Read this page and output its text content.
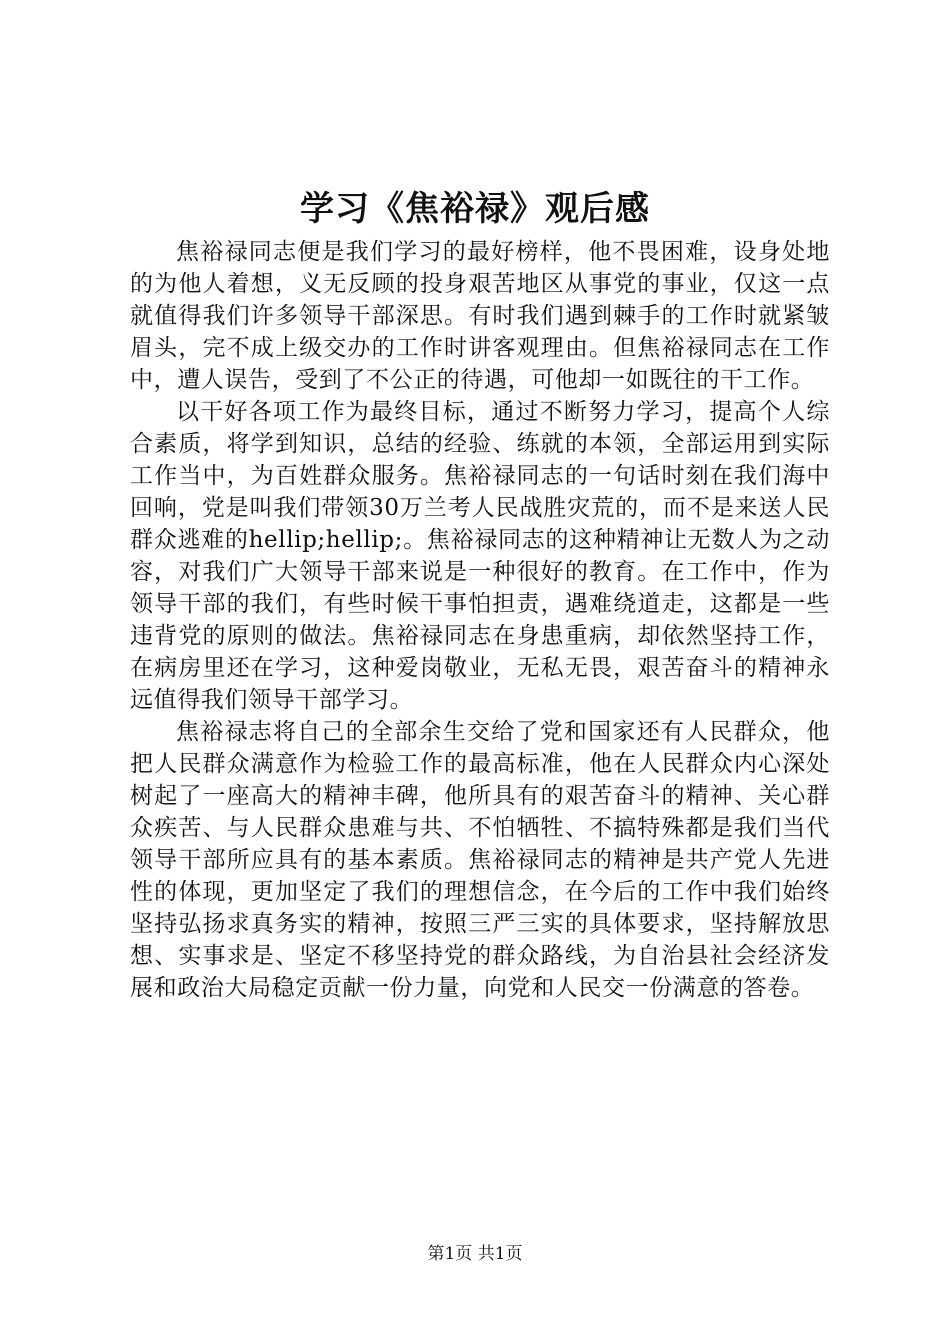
学习《焦裕禄》观后感

焦裕禄同志便是我们学习的最好榜样，他不畏困难，设身处地的为他人着想，义无反顾的投身艰苦地区从事党的事业，仅这一点就值得我们许多领导干部深思。有时我们遇到棘手的工作时就紧皱眉头，完不成上级交办的工作时讲客观理由。但焦裕禄同志在工作中，遭人误告，受到了不公正的待遇，可他却一如既往的干工作。

以干好各项工作为最终目标，通过不断努力学习，提高个人综合素质，将学到知识，总结的经验、练就的本领，全部运用到实际工作当中，为百姓群众服务。焦裕禄同志的一句话时刻在我们海中回响，党是叫我们带领30万兰考人民战胜灾荒的，而不是来送人民群众逃难的hellip;hellip;。焦裕禄同志的这种精神让无数人为之动容，对我们广大领导干部来说是一种很好的教育。在工作中，作为领导干部的我们，有些时候干事怕担责，遇难绕道走，这都是一些违背党的原则的做法。焦裕禄同志在身患重病，却依然坚持工作，在病房里还在学习，这种爱岗敬业，无私无畏，艰苦奋斗的精神永远值得我们领导干部学习。

焦裕禄志将自己的全部余生交给了党和国家还有人民群众，他把人民群众满意作为检验工作的最高标准，他在人民群众内心深处树起了一座高大的精神丰碑，他所具有的艰苦奋斗的精神、关心群众疾苦、与人民群众患难与共、不怕牺牲、不搞特殊都是我们当代领导干部所应具有的基本素质。焦裕禄同志的精神是共产党人先进性的体现，更加坚定了我们的理想信念，在今后的工作中我们始终坚持弘扬求真务实的精神，按照三严三实的具体要求，坚持解放思想、实事求是、坚定不移坚持党的群众路线，为自治县社会经济发展和政治大局稳定贡献一份力量，向党和人民交一份满意的答卷。

第1页 共1页
